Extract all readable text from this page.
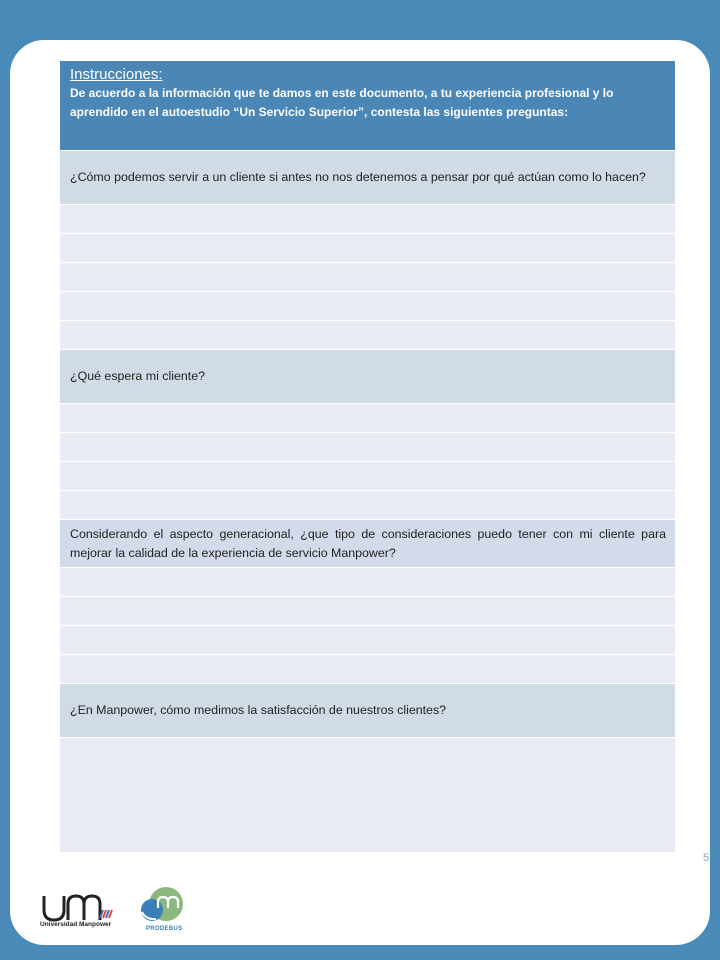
Instrucciones:
De acuerdo a la información que te damos en este documento, a tu experiencia profesional y lo aprendido en el autoestudio “Un Servicio Superior”, contesta las siguientes preguntas:
¿Cómo podemos servir a un cliente si antes no nos detenemos a pensar por qué actúan como lo hacen?
¿Qué espera mi cliente?
Considerando el aspecto generacional, ¿que tipo de consideraciones puedo tener con mi cliente para mejorar la calidad de la experiencia de servicio Manpower?
¿En Manpower, cómo medimos la satisfacción de nuestros clientes?
5
Universidad Manpower
PRODEBUS
